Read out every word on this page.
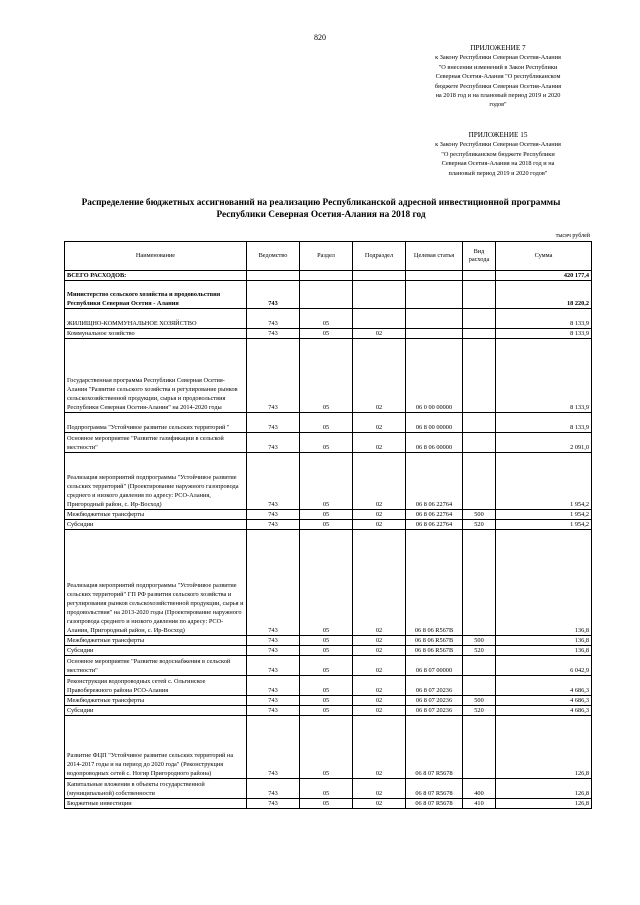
820
ПРИЛОЖЕНИЕ 7
к Закону Республики Северная Осетия-Алания
"О внесении изменений в Закон Республики
Северная Осетия-Алания "О республиканском
бюджете Республики Северная Осетия-Алания
на 2018 год и на плановый период 2019 и 2020
годов"
ПРИЛОЖЕНИЕ 15
к Закону Республики Северная Осетия-Алания
"О республиканском бюджете Республики
Северная Осетия-Алания на 2018 год и на
плановый период 2019 и 2020 годов"
Распределение бюджетных ассигнований на реализацию Республиканской адресной инвестиционной программы Республики Северная Осетия-Алания на 2018 год
тысяч рублей
Наименование	Ведомство	Раздел	Подраздел	Целевая статья	Вид расхода	Сумма
ВСЕГО РАСХОДОВ:						420 177,4
Министерство сельского хозяйства и продовольствия Республики Северная Осетия - Алания	743					18 220,2
ЖИЛИЩНО-КОММУНАЛЬНОЕ ХОЗЯЙСТВО	743	05				8 133,9
Коммунальное хозяйство	743	05	02			8 133,9
Государственная программа Республики Северная Осетия-Алания "Развитие сельского хозяйства и регулирование рынков сельскохозяйственной продукции, сырья и продовольствия Республики Северная Осетия-Алания" на 2014-2020 годы	743	05	02	06 0 00 00000		8 133,9
Подпрограмма "Устойчивое развитие сельских территорий "	743	05	02	06 8 00 00000		8 133,9
Основное мероприятие "Развитие газификации в сельской местности"	743	05	02	06 8 06 00000		2 091,0
Реализация мероприятий подпрограммы "Устойчивое развитие сельских территорий" (Проектирование наружного газопровода среднего и низкого давления по адресу: РСО-Алания, Пригородный район, с. Ир-Восход)	743	05	02	06 8 06 22764		1 954,2
Межбюджетные трансферты	743	05	02	06 8 06 22764	500	1 954,2
Субсидии	743	05	02	06 8 06 22764	520	1 954,2
Реализация мероприятий подпрограммы "Устойчивое развитие сельских территорий" ГП РФ развития сельского хозяйства и регулирования рынков сельскохозяйственной продукции, сырья и продовольствия" на 2013-2020 годы (Проектирование наружного газопровода среднего и низкого давления по адресу: РСО-Алания, Пригородный район, с. Ир-Восход)	743	05	02	06 8 06 R567В		136,8
Межбюджетные трансферты	743	05	02	06 8 06 R567В	500	136,8
Субсидии	743	05	02	06 8 06 R567В	520	136,8
Основное мероприятие "Развитие водоснабжения в сельской местности"	743	05	02	06 8 07 00000		6 042,9
Реконструкция водопроводных сетей с. Ольгинское Правобережного района РСО-Алания	743	05	02	06 8 07 20236		4 686,3
Межбюджетные трансферты	743	05	02	06 8 07 20236	500	4 686,3
Субсидии	743	05	02	06 8 07 20236	520	4 686,3
Развитие ФЦП "Устойчивое развитие сельских территорий на 2014-2017 годы и на период до 2020 года" (Реконструкция водопроводных сетей с. Ногир Пригородного района)	743	05	02	06 8 07 R5678		126,8
Капитальные вложения в объекты государственной (муниципальной) собственности	743	05	02	06 8 07 R5678	400	126,8
Бюджетные инвестиции	743	05	02	06 8 07 R5678	410	126,8
